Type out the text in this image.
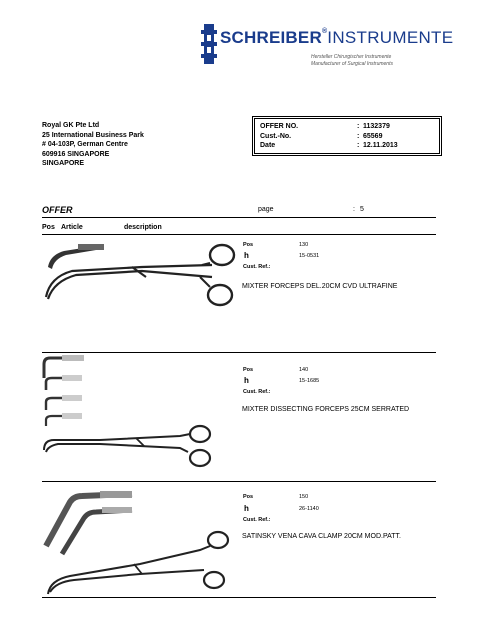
SCHREIBER®INSTRUMENTE
Hersteller Chirurgischer Instrumente
Manufacturer of Surgical Instruments
Royal GK Pte Ltd
25 International Business Park
# 04-103P, German Centre
609916 SINGAPORE
SINGAPORE
OFFER NO.	: 1132379
Cust.-No.	: 65569
Date	: 12.11.2013
OFFER	page	: 5
Pos Article	description
Pos	130
h	15-0531
Cust. Ref.:
MIXTER FORCEPS DEL.20CM CVD ULTRAFINE
Pos	140
h	15-1685
Cust. Ref.:
MIXTER DISSECTING FORCEPS 25CM SERRATED
Pos	150
h	26-1140
Cust. Ref.:
SATINSKY VENA CAVA CLAMP 20CM MOD.PATT.
